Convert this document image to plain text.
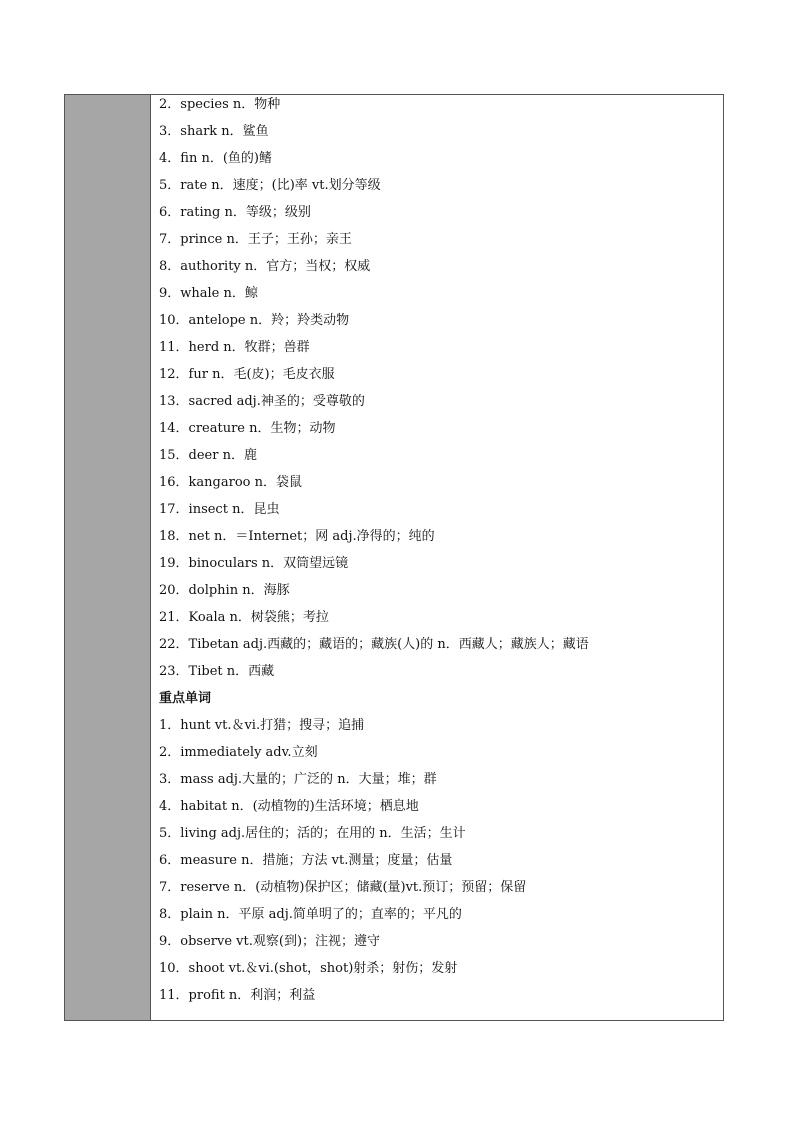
2．species n．物种
3．shark n．鲨鱼
4．fin n．(鱼的)鳍
5．rate n．速度；(比)率 vt.划分等级
6．rating n．等级；级别
7．prince n．王子；王孙；亲王
8．authority n．官方；当权；权威
9．whale n．鲸
10．antelope n．羚；羚类动物
11．herd n．牧群；兽群
12．fur n．毛(皮)；毛皮衣服
13．sacred adj.神圣的；受尊敬的
14．creature n．生物；动物
15．deer n．鹿
16．kangaroo n．袋鼠
17．insect n．昆虫
18．net n．＝Internet；网 adj.净得的；纯的
19．binoculars n．双筒望远镜
20．dolphin n．海豚
21．Koala n．树袋熊；考拉
22．Tibetan adj.西藏的；藏语的；藏族(人)的 n．西藏人；藏族人；藏语
23．Tibet n．西藏
重点单词
1．hunt vt.＆vi.打猎；搜寻；追捕
2．immediately adv.立刻
3．mass adj.大量的；广泛的 n．大量；堆；群
4．habitat n．(动植物的)生活环境；栖息地
5．living adj.居住的；活的；在用的 n．生活；生计
6．measure n．措施；方法 vt.测量；度量；估量
7．reserve n．(动植物)保护区；储藏(量)vt.预订；预留；保留
8．plain n．平原 adj.简单明了的；直率的；平凡的
9．observe vt.观察(到)；注视；遵守
10．shoot vt.＆vi.(shot，shot)射杀；射伤；发射
11．profit n．利润；利益
